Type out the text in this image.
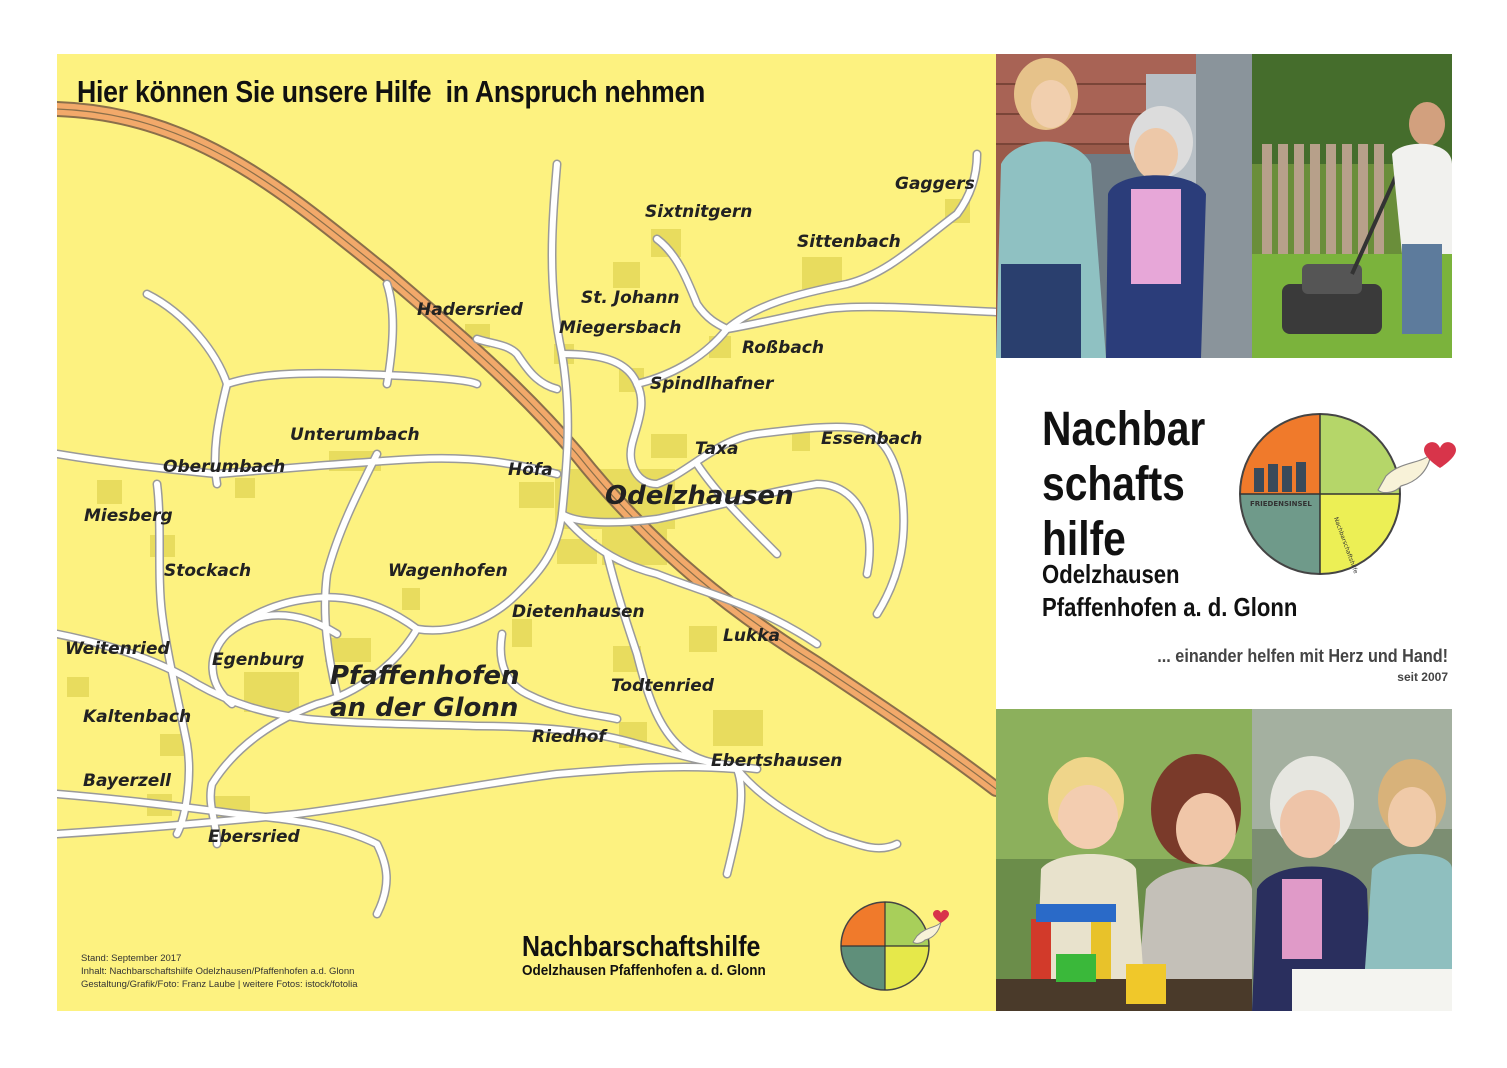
Hier können Sie unsere Hilfe  in Anspruch nehmen
Gaggers
Sixtnitgern
Sittenbach
St. Johann
Hadersried
Miegersbach
Roßbach
Spindlhafner
Unterumbach	Essenbach
Taxa
Oberumbach	Höfa
Odelzhausen
Miesberg
Stockach	Wagenhofen
Dietenhausen
Lukka
Weitenried
Egenburg
Pfaffenhofen
an der Glonn
Todtenried
Kaltenbach
Riedhof
Ebertshausen
Bayerzell
Ebersried
Stand: September 2017
Inhalt: Nachbarschaftshilfe Odelzhausen/Pfaffenhofen a.d. Glonn
Gestaltung/Grafik/Foto: Franz Laube | weitere Fotos: istock/fotolia
Nachbarschaftshilfe
Odelzhausen Pfaffenhofen a. d. Glonn
Nachbar
schafts
hilfe
Odelzhausen
Pfaffenhofen a. d. Glonn
... einander helfen mit Herz und Hand!
seit 2007
FRIEDENSINSEL
Nachbarschaftshilfe
